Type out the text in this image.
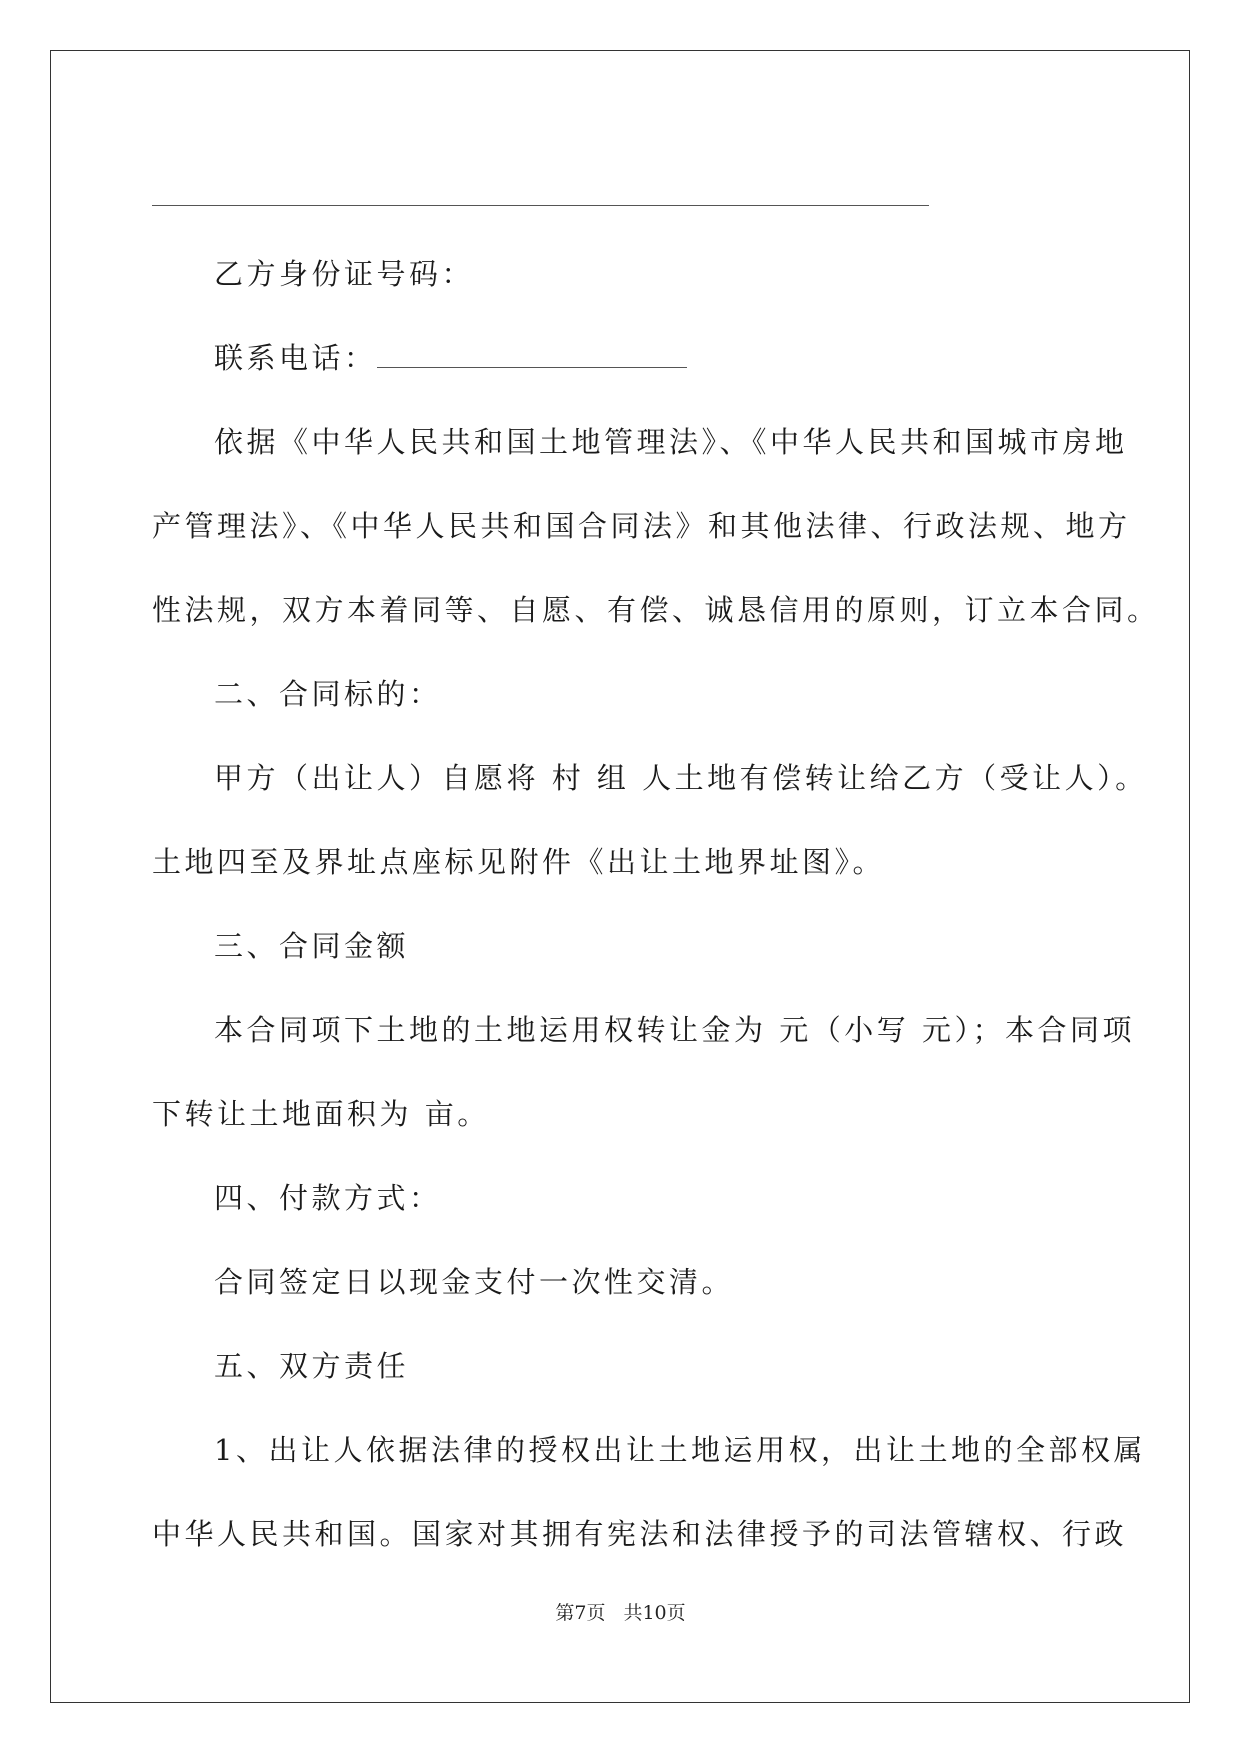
乙方身份证号码：
联系电话：
依据《中华人民共和国土地管理法》、《中华人民共和国城市房地
产管理法》、《中华人民共和国合同法》和其他法律、行政法规、地方
性法规，双方本着同等、自愿、有偿、诚恳信用的原则，订立本合同。
二、合同标的：
甲方（出让人）自愿将 村 组 人土地有偿转让给乙方（受让人）。
土地四至及界址点座标见附件《出让土地界址图》。
三、合同金额
本合同项下土地的土地运用权转让金为 元（小写 元）；本合同项
下转让土地面积为 亩。
四、付款方式：
合同签定日以现金支付一次性交清。
五、双方责任
1、出让人依据法律的授权出让土地运用权，出让土地的全部权属
中华人民共和国。国家对其拥有宪法和法律授予的司法管辖权、行政
第7页 共10页
